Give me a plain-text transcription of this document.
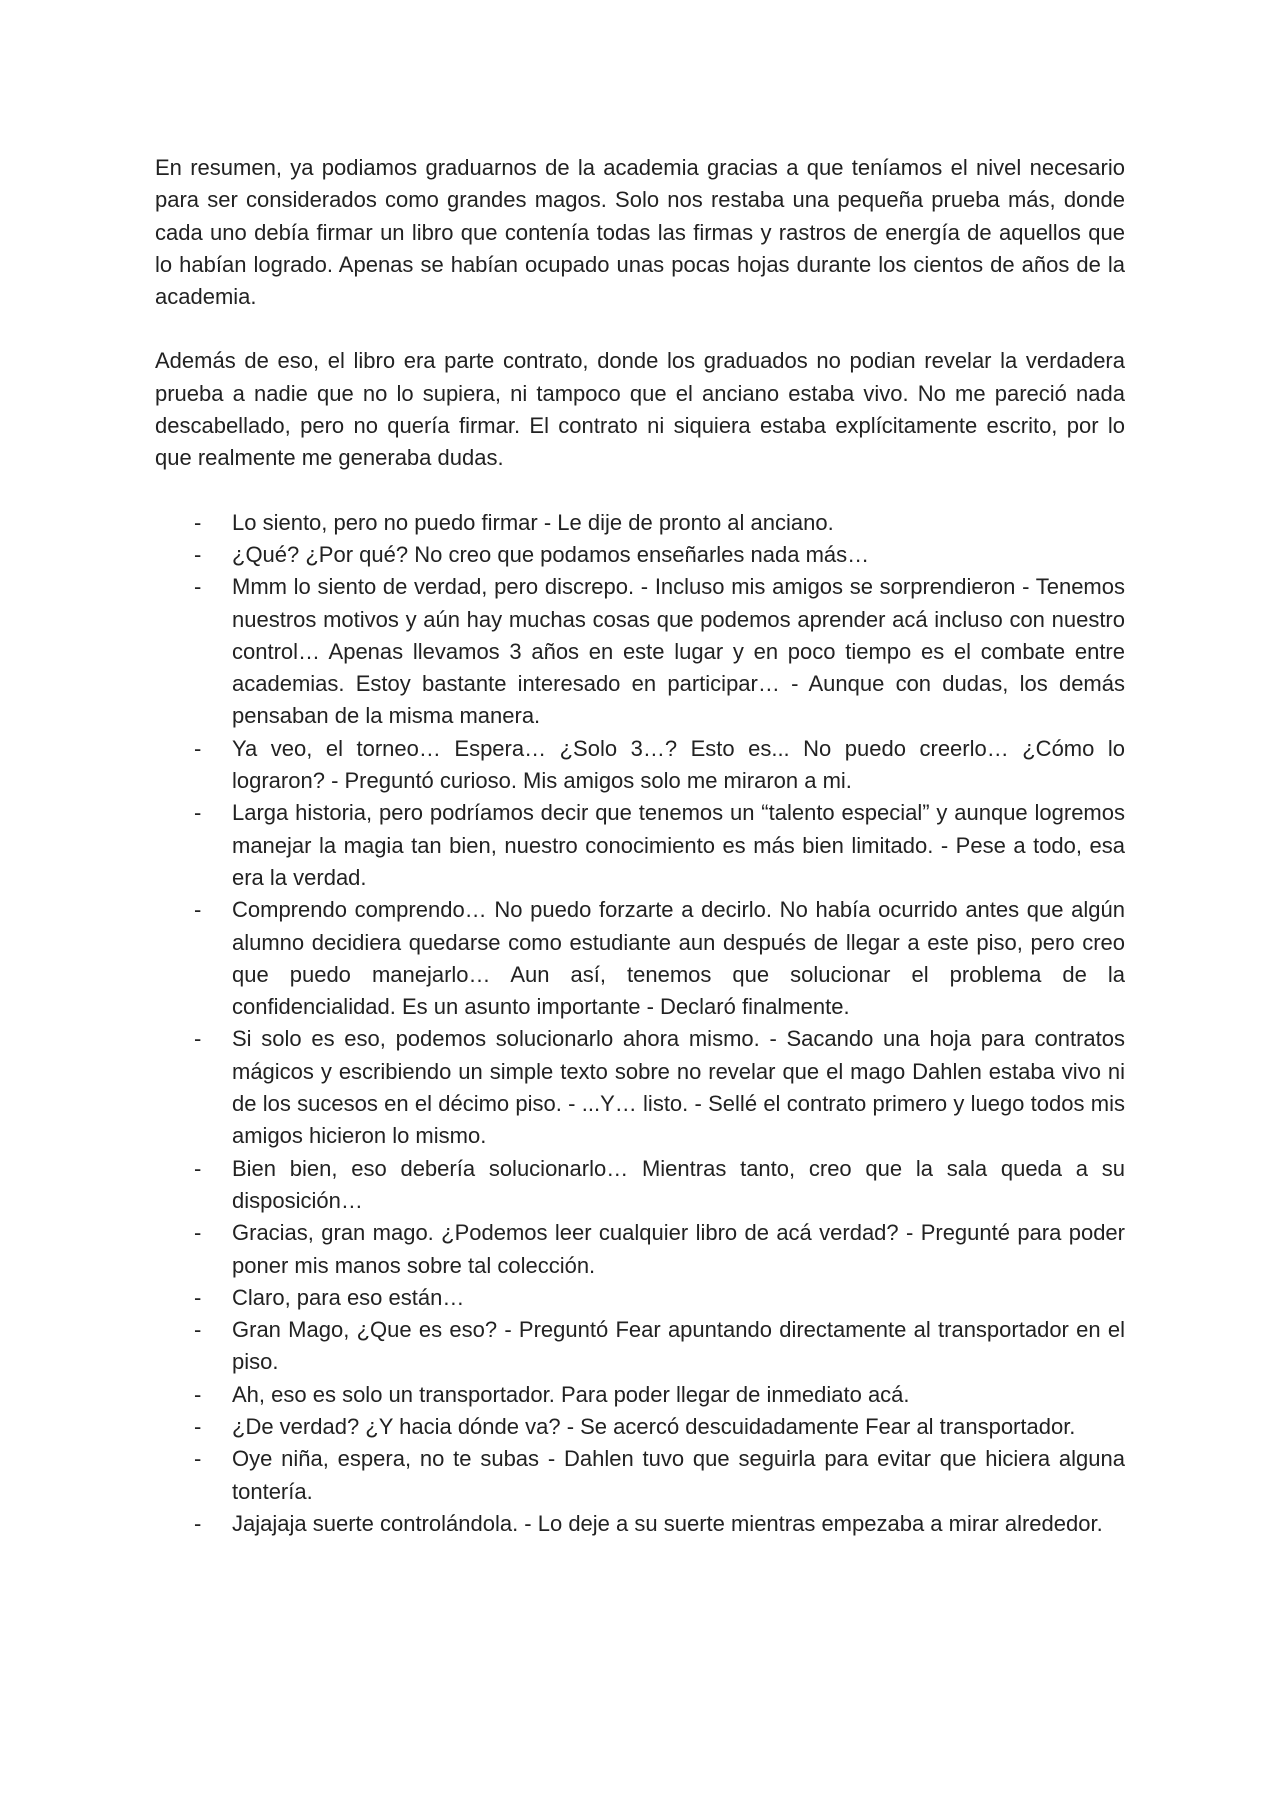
En resumen, ya podiamos graduarnos de la academia gracias a que teníamos el nivel necesario para ser considerados como grandes magos. Solo nos restaba una pequeña prueba más, donde cada uno debía firmar un libro que contenía todas las firmas y rastros de energía de aquellos que lo habían logrado. Apenas se habían ocupado unas pocas hojas durante los cientos de años de la academia.

Además de eso, el libro era parte contrato, donde los graduados no podian revelar la verdadera prueba a nadie que no lo supiera, ni tampoco que el anciano estaba vivo. No me pareció nada descabellado, pero no quería firmar. El contrato ni siquiera estaba explícitamente escrito, por lo que realmente me generaba dudas.

- Lo siento, pero no puedo firmar - Le dije de pronto al anciano.
- ¿Qué? ¿Por qué? No creo que podamos enseñarles nada más…
- Mmm lo siento de verdad, pero discrepo. - Incluso mis amigos se sorprendieron - Tenemos nuestros motivos y aún hay muchas cosas que podemos aprender acá incluso con nuestro control… Apenas llevamos 3 años en este lugar y en poco tiempo es el combate entre academias. Estoy bastante interesado en participar… - Aunque con dudas, los demás pensaban de la misma manera.
- Ya veo, el torneo… Espera… ¿Solo 3…? Esto es... No puedo creerlo… ¿Cómo lo lograron? - Preguntó curioso. Mis amigos solo me miraron a mi.
- Larga historia, pero podríamos decir que tenemos un “talento especial” y aunque logremos manejar la magia tan bien, nuestro conocimiento es más bien limitado. - Pese a todo, esa era la verdad.
- Comprendo comprendo… No puedo forzarte a decirlo. No había ocurrido antes que algún alumno decidiera quedarse como estudiante aun después de llegar a este piso, pero creo que puedo manejarlo… Aun así, tenemos que solucionar el problema de la confidencialidad. Es un asunto importante - Declaró finalmente.
- Si solo es eso, podemos solucionarlo ahora mismo. - Sacando una hoja para contratos mágicos y escribiendo un simple texto sobre no revelar que el mago Dahlen estaba vivo ni de los sucesos en el décimo piso. - ...Y… listo. - Sellé el contrato primero y luego todos mis amigos hicieron lo mismo.
- Bien bien, eso debería solucionarlo… Mientras tanto, creo que la sala queda a su disposición…
- Gracias, gran mago. ¿Podemos leer cualquier libro de acá verdad? - Pregunté para poder poner mis manos sobre tal colección.
- Claro, para eso están…
- Gran Mago, ¿Que es eso? - Preguntó Fear apuntando directamente al transportador en el piso.
- Ah, eso es solo un transportador. Para poder llegar de inmediato acá.
- ¿De verdad? ¿Y hacia dónde va? - Se acercó descuidadamente Fear al transportador.
- Oye niña, espera, no te subas - Dahlen tuvo que seguirla para evitar que hiciera alguna tontería.
- Jajajaja suerte controlándola. - Lo deje a su suerte mientras empezaba a mirar alrededor.
